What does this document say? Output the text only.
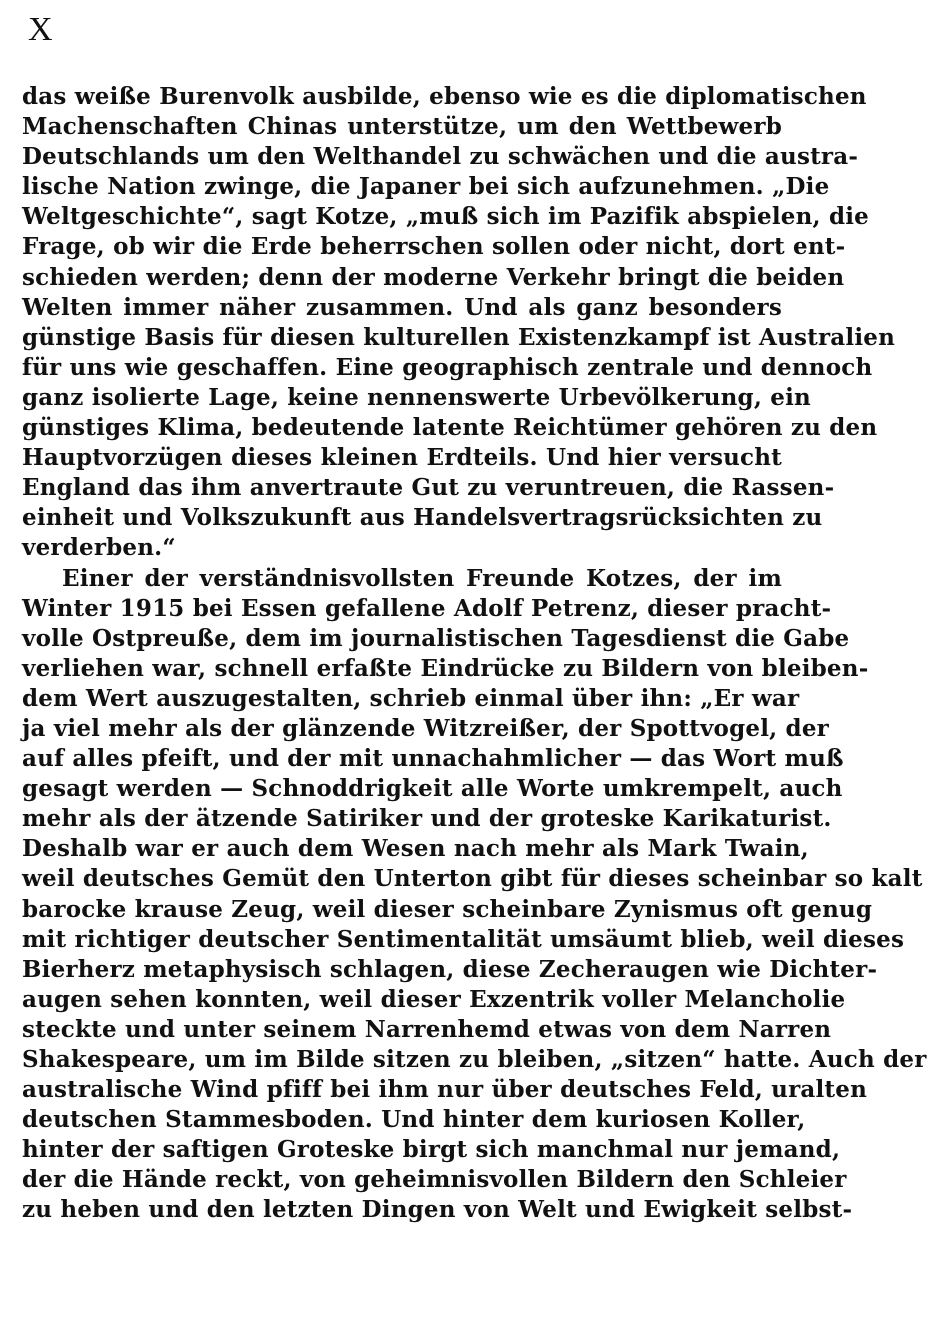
X
das weiße Burenvolk ausbilde, ebenso wie es die diplomatischen
Machenschaften Chinas unterstütze, um den Wettbewerb
Deutschlands um den Welthandel zu schwächen und die austra-
lische Nation zwinge, die Japaner bei sich aufzunehmen. „Die
Weltgeschichte“, sagt Kotze, „muß sich im Pazifik abspielen, die
Frage, ob wir die Erde beherrschen sollen oder nicht, dort ent-
schieden werden; denn der moderne Verkehr bringt die beiden
Welten immer näher zusammen. Und als ganz besonders
günstige Basis für diesen kulturellen Existenzkampf ist Australien
für uns wie geschaffen. Eine geographisch zentrale und dennoch
ganz isolierte Lage, keine nennenswerte Urbevölkerung, ein
günstiges Klima, bedeutende latente Reichtümer gehören zu den
Hauptvorzügen dieses kleinen Erdteils. Und hier versucht
England das ihm anvertraute Gut zu veruntreuen, die Rassen-
einheit und Volkszukunft aus Handelsvertragsrücksichten zu
verderben.“
Einer der verständnisvollsten Freunde Kotzes, der im
Winter 1915 bei Essen gefallene Adolf Petrenz, dieser pracht-
volle Ostpreuße, dem im journalistischen Tagesdienst die Gabe
verliehen war, schnell erfaßte Eindrücke zu Bildern von bleiben-
dem Wert auszugestalten, schrieb einmal über ihn: „Er war
ja viel mehr als der glänzende Witzreißer, der Spottvogel, der
auf alles pfeift, und der mit unnachahmlicher — das Wort muß
gesagt werden — Schnoddrigkeit alle Worte umkrempelt, auch
mehr als der ätzende Satiriker und der groteske Karikaturist.
Deshalb war er auch dem Wesen nach mehr als Mark Twain,
weil deutsches Gemüt den Unterton gibt für dieses scheinbar so kalt
barocke krause Zeug, weil dieser scheinbare Zynismus oft genug
mit richtiger deutscher Sentimentalität umsäumt blieb, weil dieses
Bierherz metaphysisch schlagen, diese Zecheraugen wie Dichter-
augen sehen konnten, weil dieser Exzentrik voller Melancholie
steckte und unter seinem Narrenhemd etwas von dem Narren
Shakespeare, um im Bilde sitzen zu bleiben, „sitzen“ hatte. Auch der
australische Wind pfiff bei ihm nur über deutsches Feld, uralten
deutschen Stammesboden. Und hinter dem kuriosen Koller,
hinter der saftigen Groteske birgt sich manchmal nur jemand,
der die Hände reckt, von geheimnisvollen Bildern den Schleier
zu heben und den letzten Dingen von Welt und Ewigkeit selbst-
